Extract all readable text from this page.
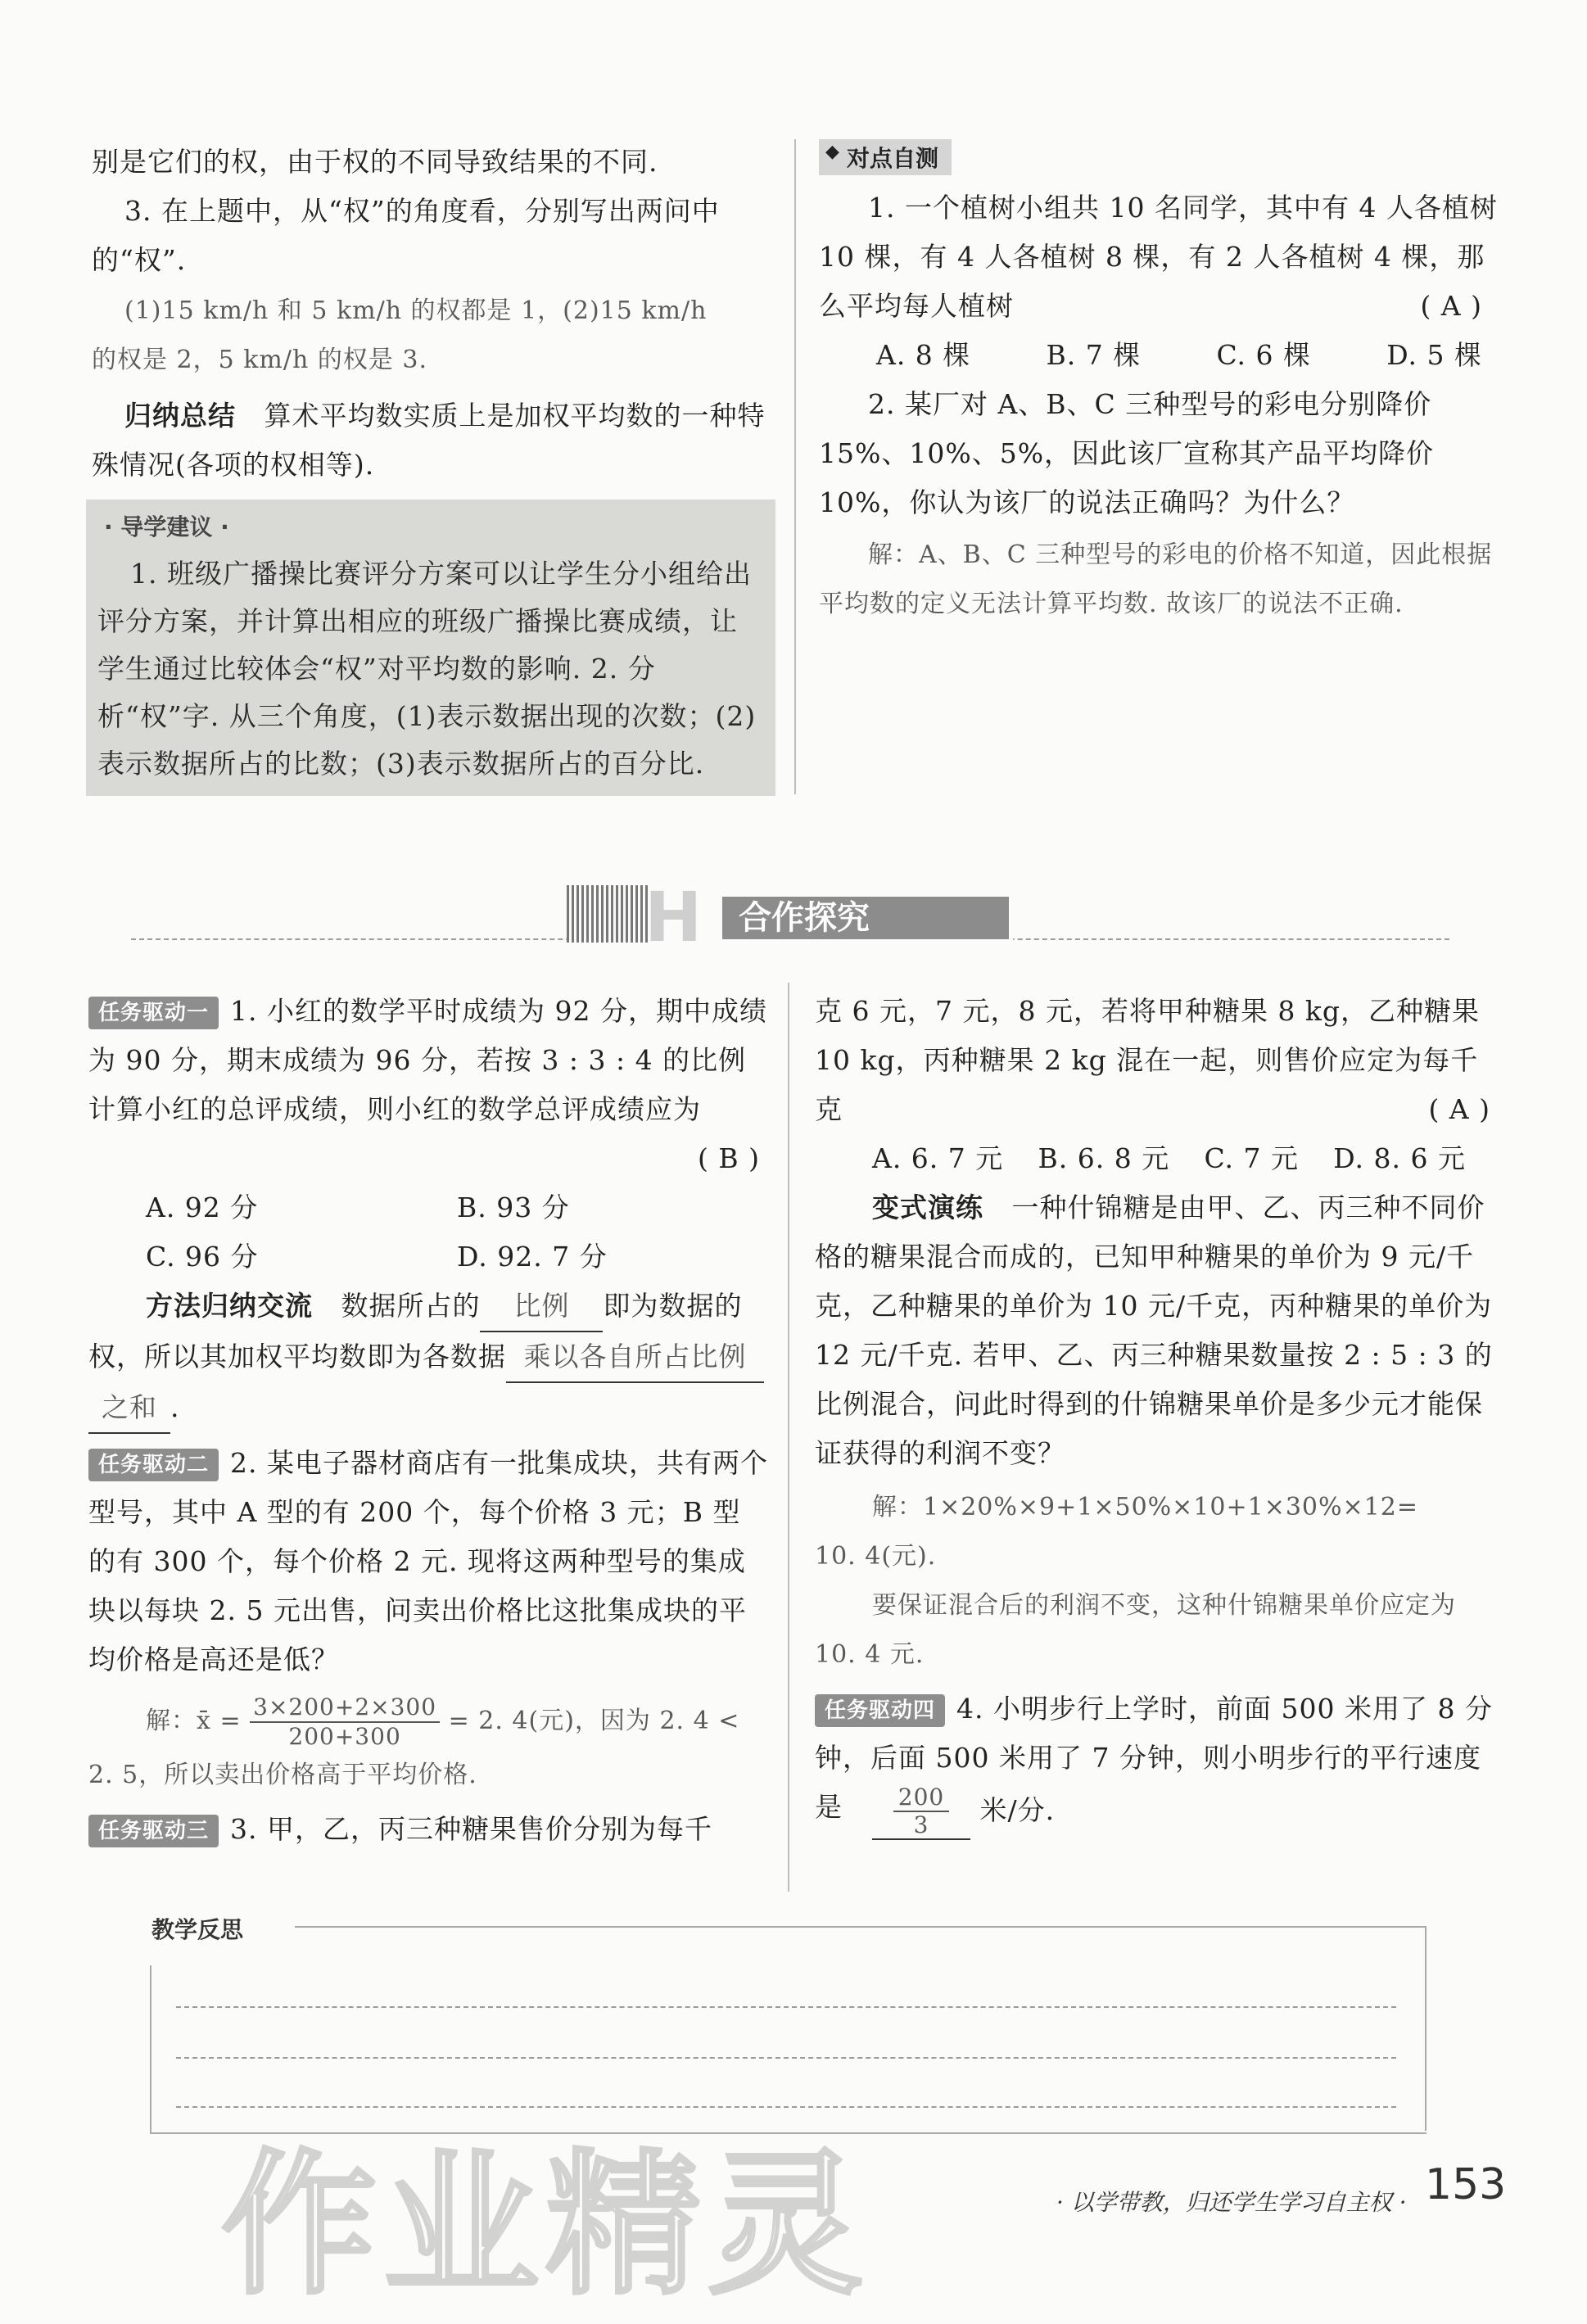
别是它们的权，由于权的不同导致结果的不同.
3. 在上题中，从“权”的角度看，分别写出两问中的“权”.
(1)15 km/h 和 5 km/h 的权都是 1，(2)15 km/h
的权是 2，5 km/h 的权是 3.
归纳总结 算术平均数实质上是加权平均数的一种特殊情况(各项的权相等).
· 导学建议 ·
1. 班级广播操比赛评分方案可以让学生分小组给出评分方案，并计算出相应的班级广播操比赛成绩，让学生通过比较体会“权”对平均数的影响. 2. 分析“权”字. 从三个角度，(1)表示数据出现的次数；(2)表示数据所占的比数；(3)表示数据所占的百分比.
◆ 对点自测
1. 一个植树小组共 10 名同学，其中有 4 人各植树 10 棵，有 4 人各植树 8 棵，有 2 人各植树 4 棵，那么平均每人植树	( A )
A. 8 棵	B. 7 棵	C. 6 棵	D. 5 棵
2. 某厂对 A、B、C 三种型号的彩电分别降价 15%、10%、5%，因此该厂宣称其产品平均降价 10%，你认为该厂的说法正确吗？为什么？
解：A、B、C 三种型号的彩电的价格不知道，因此根据平均数的定义无法计算平均数. 故该厂的说法不正确.
H	合作探究
任务驱动一 1. 小红的数学平时成绩为 92 分，期中成绩为 90 分，期末成绩为 96 分，若按 3 : 3 : 4 的比例计算小红的总评成绩，则小红的数学总评成绩应为
( B )
A. 92 分	B. 93 分
C. 96 分	D. 92. 7 分
方法归纳交流 数据所占的 比例 即为数据的权，所以其加权平均数即为各数据 乘以各自所占比例之和 .
任务驱动二 2. 某电子器材商店有一批集成块，共有两个型号，其中 A 型的有 200 个，每个价格 3 元；B 型的有 300 个，每个价格 2 元. 现将这两种型号的集成块以每块 2. 5 元出售，问卖出价格比这批集成块的平均价格是高还是低？
解：x̄ = $\frac{3\times 200+2\times 300}{200+300} = 2$. 4(元)，因为 2. 4 <
2. 5，所以卖出价格高于平均价格.
任务驱动三 3. 甲，乙，丙三种糖果售价分别为每千
克 6 元，7 元，8 元，若将甲种糖果 8 kg，乙种糖果 10 kg，丙种糖果 2 kg 混在一起，则售价应定为每千克	( A )
A. 6. 7 元 B. 6. 8 元 C. 7 元 D. 8. 6 元
变式演练 一种什锦糖是由甲、乙、丙三种不同价格的糖果混合而成的，已知甲种糖果的单价为 9 元/千克，乙种糖果的单价为 10 元/千克，丙种糖果的单价为 12 元/千克. 若甲、乙、丙三种糖果数量按 2 : 5 : 3 的比例混合，问此时得到的什锦糖果单价是多少元才能保证获得的利润不变？
解：1×20%×9+1×50%×10+1×30%×12=
10. 4(元).
要保证混合后的利润不变，这种什锦糖果单价应定为 10. 4 元.
任务驱动四 4. 小明步行上学时，前面 500 米用了 8 分钟，后面 500 米用了 7 分钟，则小明步行的平行速度是	$\frac{200}{3}$ 米/分.
教学反思
· 以学带教，归还学生学习自主权 · 153
作业精灵
